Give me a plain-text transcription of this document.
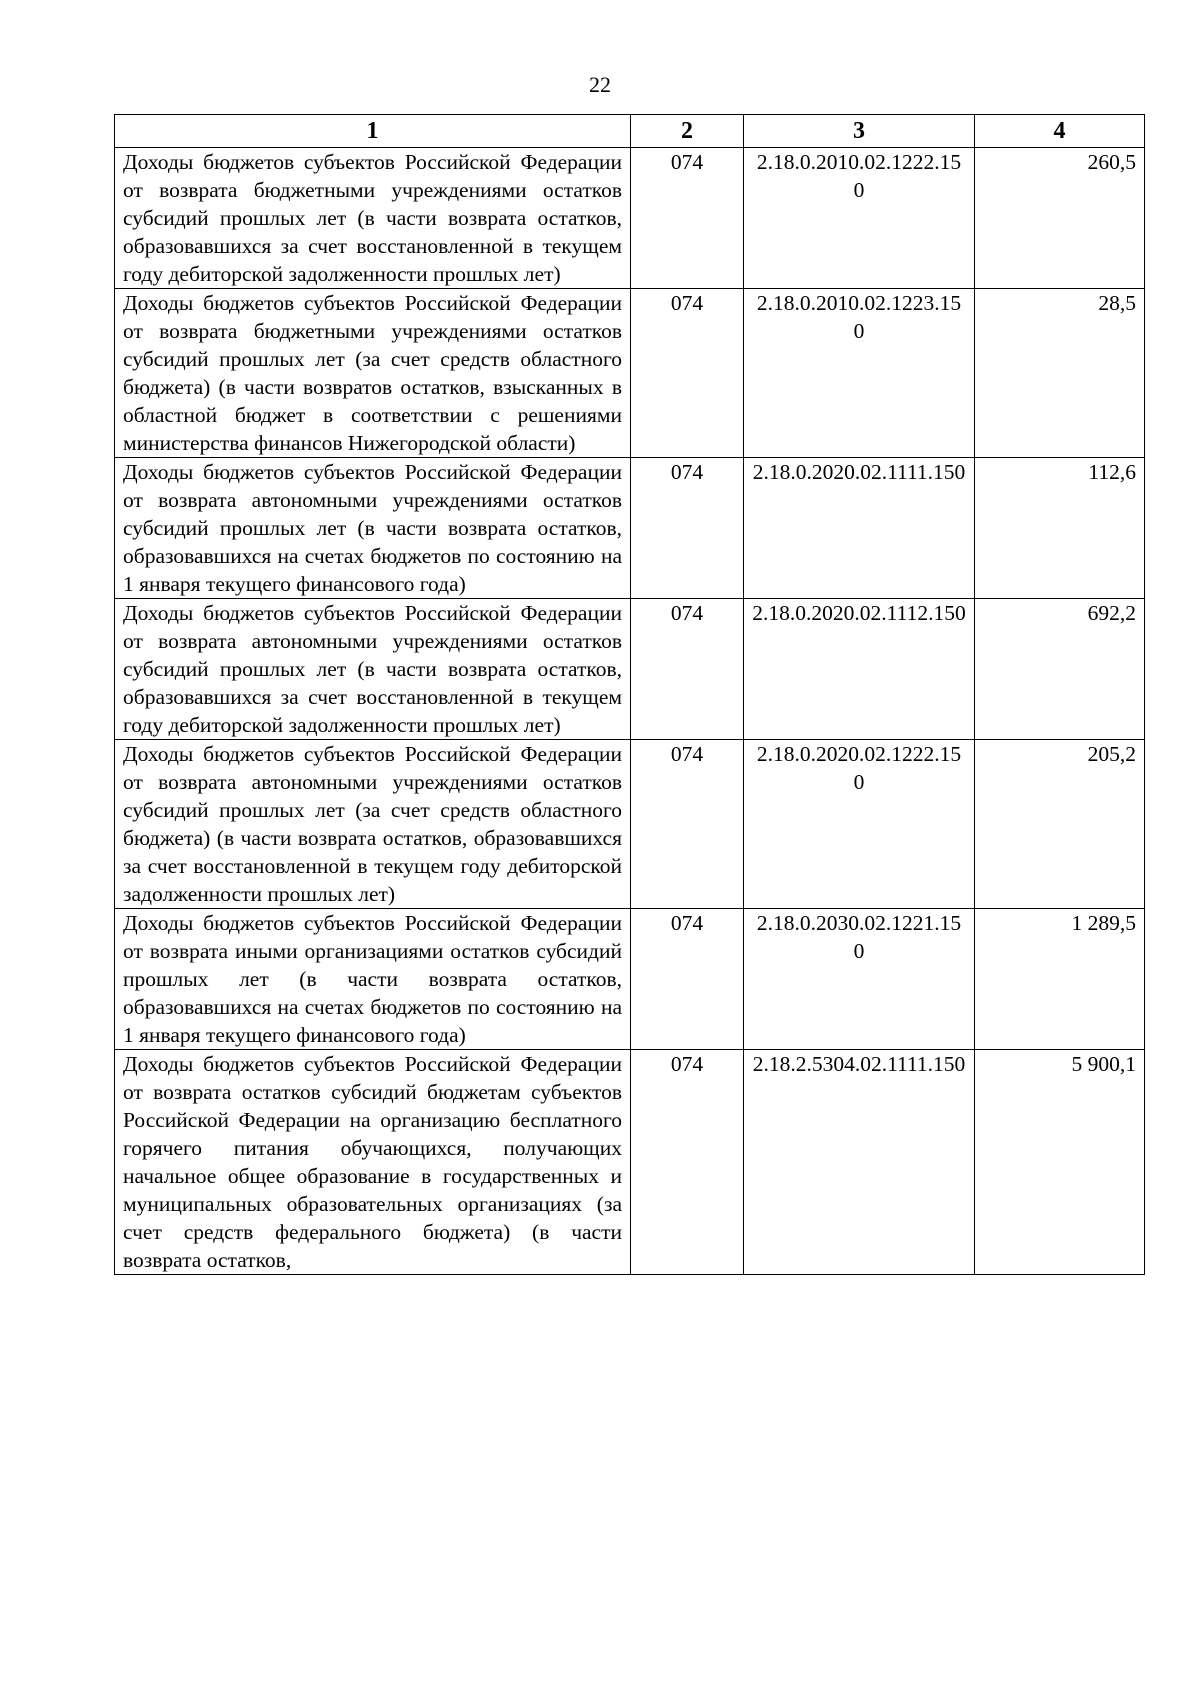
22
1	2	3	4
Доходы бюджетов субъектов Российской Федерации от возврата бюджетными учреждениями остатков субсидий прошлых лет (в части возврата остатков, образовавшихся за счет восстановленной в текущем году дебиторской задолженности прошлых лет)	074	2.18.0.2010.02.1222.150	260,5
Доходы бюджетов субъектов Российской Федерации от возврата бюджетными учреждениями остатков субсидий прошлых лет (за счет средств областного бюджета) (в части возвратов остатков, взысканных в областной бюджет в соответствии с решениями министерства финансов Нижегородской области)	074	2.18.0.2010.02.1223.150	28,5
Доходы бюджетов субъектов Российской Федерации от возврата автономными учреждениями остатков субсидий прошлых лет (в части возврата остатков, образовавшихся на счетах бюджетов по состоянию на 1 января текущего финансового года)	074	2.18.0.2020.02.1111.150	112,6
Доходы бюджетов субъектов Российской Федерации от возврата автономными учреждениями остатков субсидий прошлых лет (в части возврата остатков, образовавшихся за счет восстановленной в текущем году дебиторской задолженности прошлых лет)	074	2.18.0.2020.02.1112.150	692,2
Доходы бюджетов субъектов Российской Федерации от возврата автономными учреждениями остатков субсидий прошлых лет (за счет средств областного бюджета) (в части возврата остатков, образовавшихся за счет восстановленной в текущем году дебиторской задолженности прошлых лет)	074	2.18.0.2020.02.1222.150	205,2
Доходы бюджетов субъектов Российской Федерации от возврата иными организациями остатков субсидий прошлых лет (в части возврата остатков, образовавшихся на счетах бюджетов по состоянию на 1 января текущего финансового года)	074	2.18.0.2030.02.1221.150	1 289,5
Доходы бюджетов субъектов Российской Федерации от возврата остатков субсидий бюджетам субъектов Российской Федерации на организацию бесплатного горячего питания обучающихся, получающих начальное общее образование в государственных и муниципальных образовательных организациях (за счет средств федерального бюджета) (в части возврата остатков,	074	2.18.2.5304.02.1111.150	5 900,1
